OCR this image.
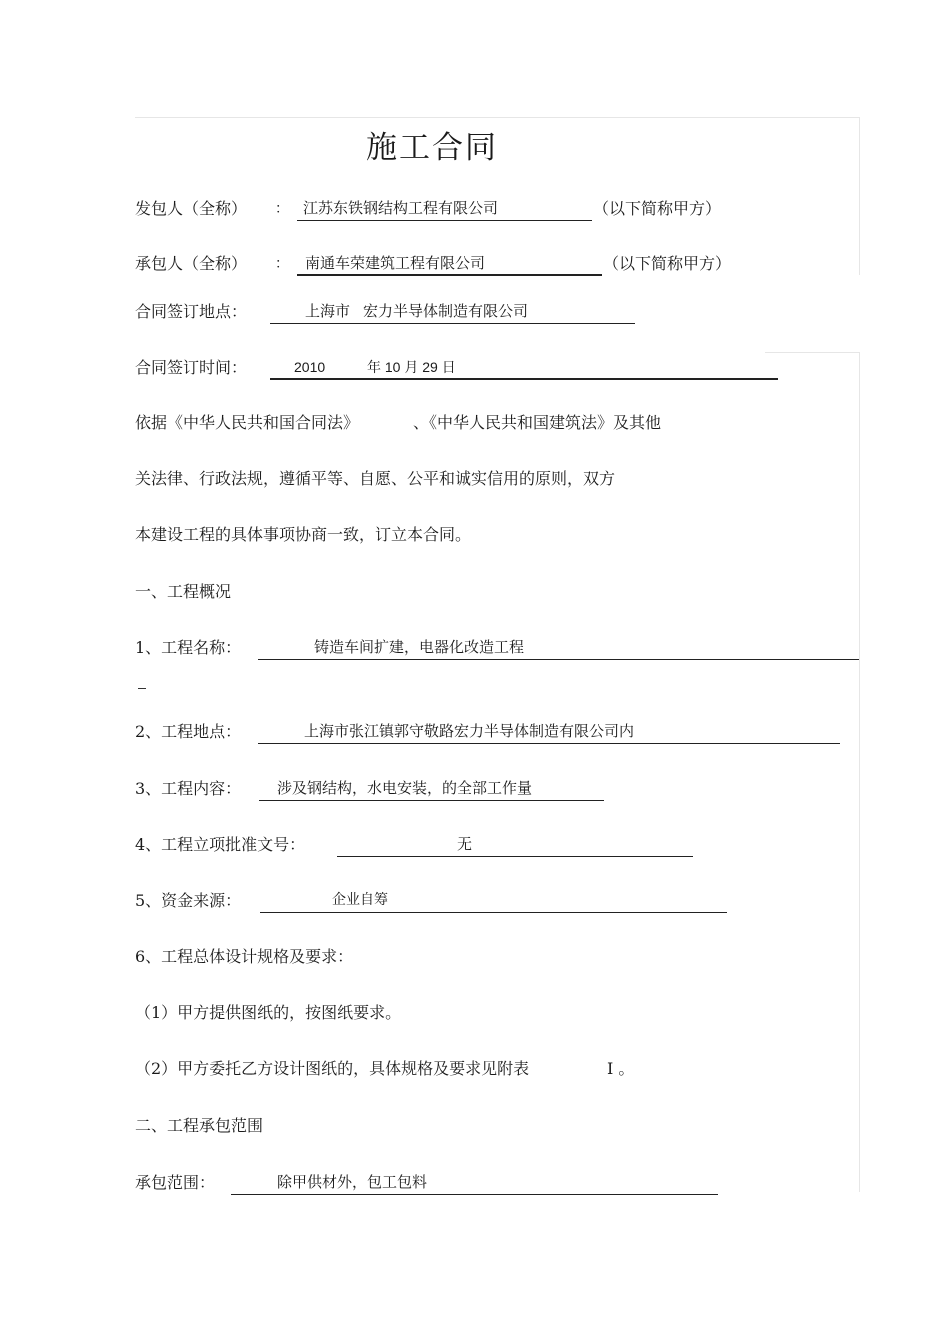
施工合同
发包人（全称） ： 江苏东铁钢结构工程有限公司	（以下简称甲方）
承包人（全称） ： 南通车荣建筑工程有限公司	（以下简称甲方）
合同签订地点：	上海市 宏力半导体制造有限公司
合同签订时间：	2010	年 10 月 29 日
依据《中华人民共和国合同法》	、《中华人民共和国建筑法》及其他
关法律、行政法规，遵循平等、自愿、公平和诚实信用的原则，双方
本建设工程的具体事项协商一致，订立本合同。
一、工程概况
1、工程名称：	铸造车间扩建，电器化改造工程
2、工程地点：	上海市张江镇郭守敬路宏力半导体制造有限公司内
3、工程内容： 涉及钢结构，水电安装，的全部工作量
4、工程立项批准文号：	无
5、资金来源：	企业自筹
6、工程总体设计规格及要求：
（1）甲方提供图纸的，按图纸要求。
（2）甲方委托乙方设计图纸的，具体规格及要求见附表	I 。
二、工程承包范围
承包范围：	除甲供材外，包工包料
